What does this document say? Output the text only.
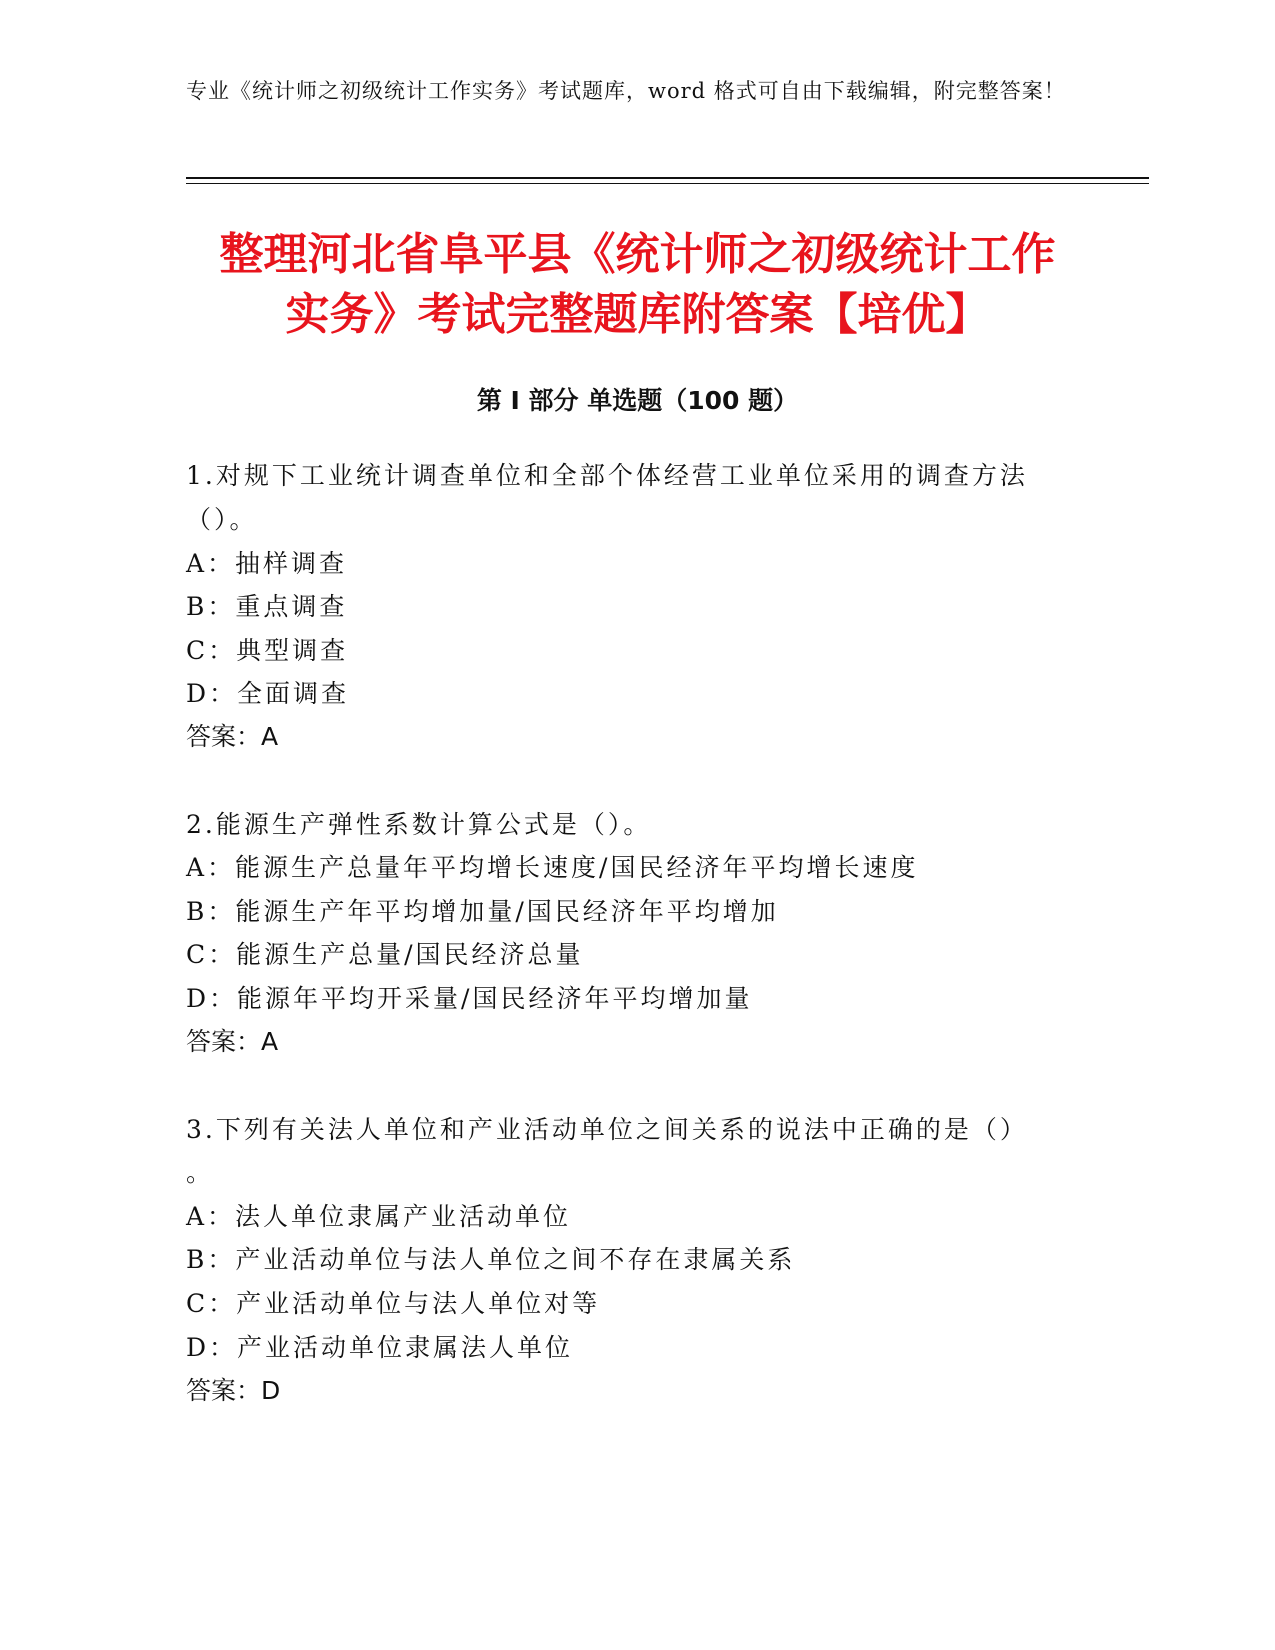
专业《统计师之初级统计工作实务》考试题库，word 格式可自由下载编辑，附完整答案！
整理河北省阜平县《统计师之初级统计工作
实务》考试完整题库附答案【培优】
第 I 部分 单选题（100 题）
1.对规下工业统计调查单位和全部个体经营工业单位采用的调查方法
（）。
A：抽样调查
B：重点调查
C：典型调查
D：全面调查
答案：A
2.能源生产弹性系数计算公式是（）。
A：能源生产总量年平均增长速度/国民经济年平均增长速度
B：能源生产年平均增加量/国民经济年平均增加
C：能源生产总量/国民经济总量
D：能源年平均开采量/国民经济年平均增加量
答案：A
3.下列有关法人单位和产业活动单位之间关系的说法中正确的是（）
。
A：法人单位隶属产业活动单位
B：产业活动单位与法人单位之间不存在隶属关系
C：产业活动单位与法人单位对等
D：产业活动单位隶属法人单位
答案：D
